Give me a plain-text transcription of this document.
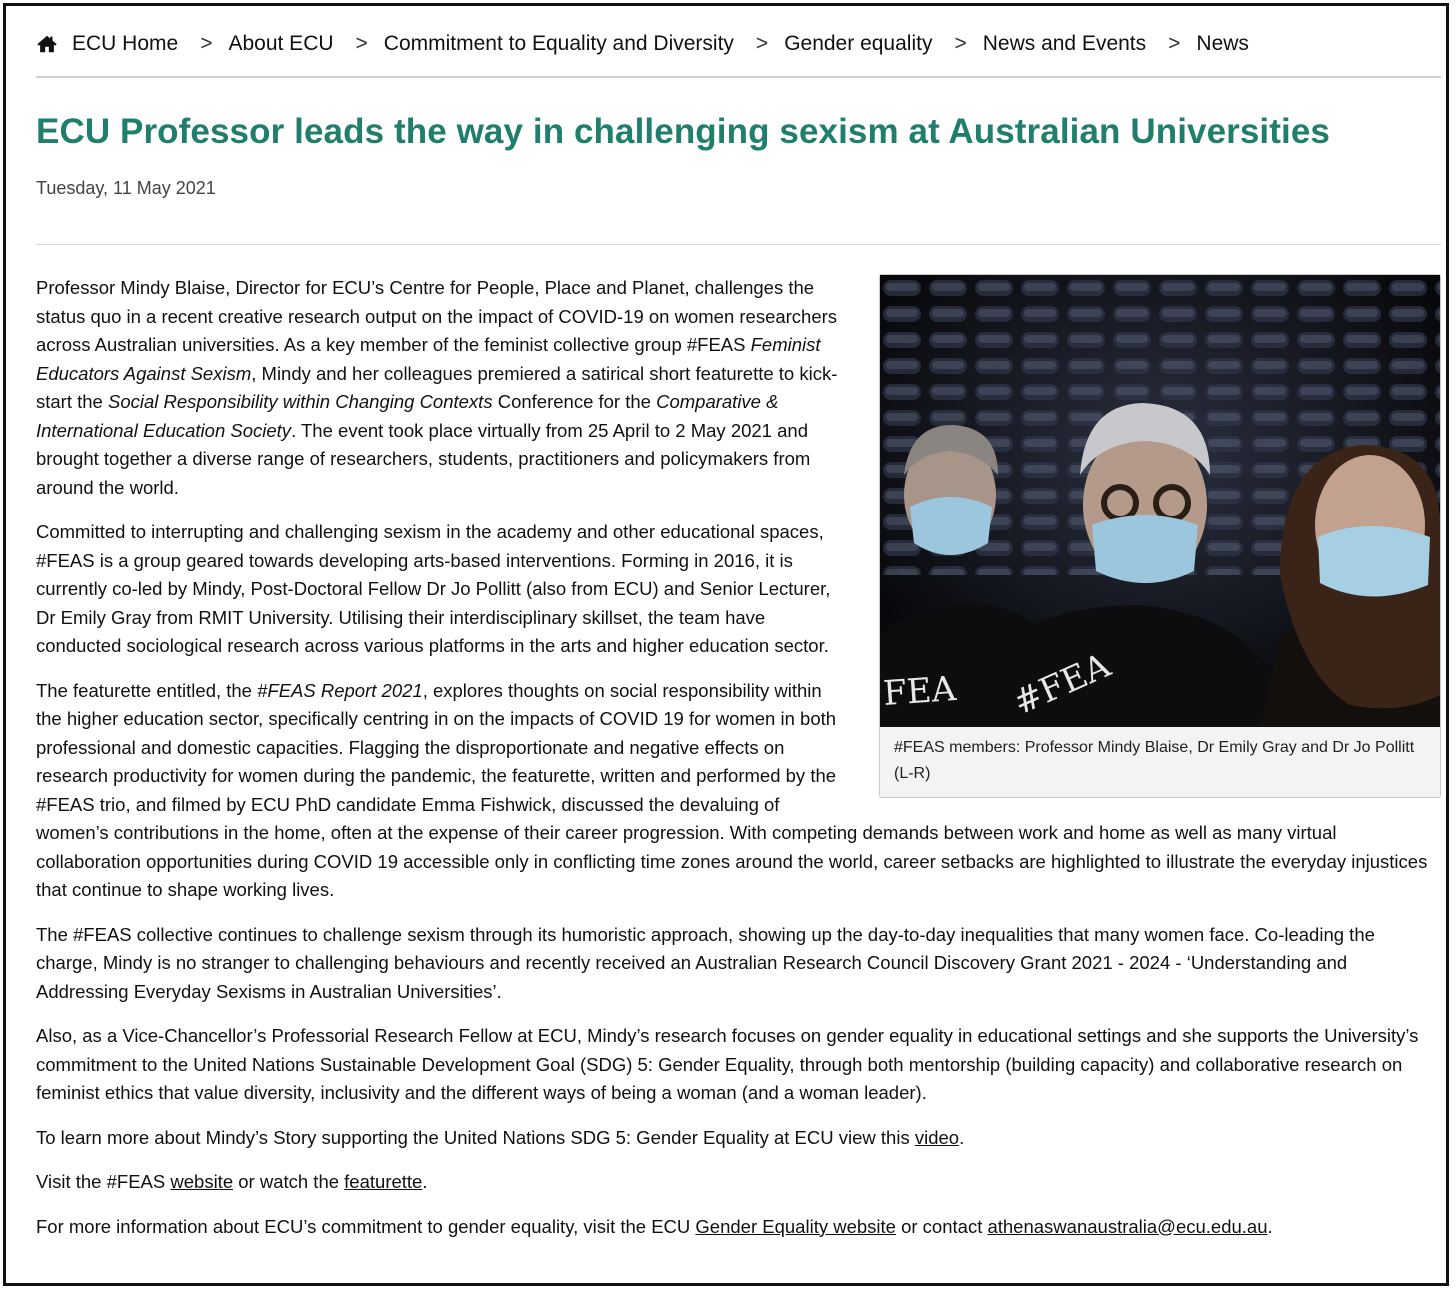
ECU Home > About ECU > Commitment to Equality and Diversity > Gender equality > News and Events > News
ECU Professor leads the way in challenging sexism at Australian Universities
Tuesday, 11 May 2021
FEA #FEA
#FEAS members: Professor Mindy Blaise, Dr Emily Gray and Dr Jo Pollitt (L-R)

Professor Mindy Blaise, Director for ECU’s Centre for People, Place and Planet, challenges the status quo in a recent creative research output on the impact of COVID-19 on women researchers across Australian universities. As a key member of the feminist collective group #FEAS Feminist Educators Against Sexism, Mindy and her colleagues premiered a satirical short featurette to kick-start the Social Responsibility within Changing Contexts Conference for the Comparative & International Education Society. The event took place virtually from 25 April to 2 May 2021 and brought together a diverse range of researchers, students, practitioners and policymakers from around the world.

Committed to interrupting and challenging sexism in the academy and other educational spaces, #FEAS is a group geared towards developing arts-based interventions. Forming in 2016, it is currently co-led by Mindy, Post-Doctoral Fellow Dr Jo Pollitt (also from ECU) and Senior Lecturer, Dr Emily Gray from RMIT University. Utilising their interdisciplinary skillset, the team have conducted sociological research across various platforms in the arts and higher education sector.

The featurette entitled, the #FEAS Report 2021, explores thoughts on social responsibility within the higher education sector, specifically centring in on the impacts of COVID 19 for women in both professional and domestic capacities. Flagging the disproportionate and negative effects on research productivity for women during the pandemic, the featurette, written and performed by the #FEAS trio, and filmed by ECU PhD candidate Emma Fishwick, discussed the devaluing of women’s contributions in the home, often at the expense of their career progression. With competing demands between work and home as well as many virtual collaboration opportunities during COVID 19 accessible only in conflicting time zones around the world, career setbacks are highlighted to illustrate the everyday injustices that continue to shape working lives.

The #FEAS collective continues to challenge sexism through its humoristic approach, showing up the day-to-day inequalities that many women face. Co-leading the charge, Mindy is no stranger to challenging behaviours and recently received an Australian Research Council Discovery Grant 2021 - 2024 - ‘Understanding and Addressing Everyday Sexisms in Australian Universities’.

Also, as a Vice-Chancellor’s Professorial Research Fellow at ECU, Mindy’s research focuses on gender equality in educational settings and she supports the University’s commitment to the United Nations Sustainable Development Goal (SDG) 5: Gender Equality, through both mentorship (building capacity) and collaborative research on feminist ethics that value diversity, inclusivity and the different ways of being a woman (and a woman leader).

To learn more about Mindy’s Story supporting the United Nations SDG 5: Gender Equality at ECU view this video.

Visit the #FEAS website or watch the featurette.

For more information about ECU’s commitment to gender equality, visit the ECU Gender Equality website or contact athenaswanaustralia@ecu.edu.au.
